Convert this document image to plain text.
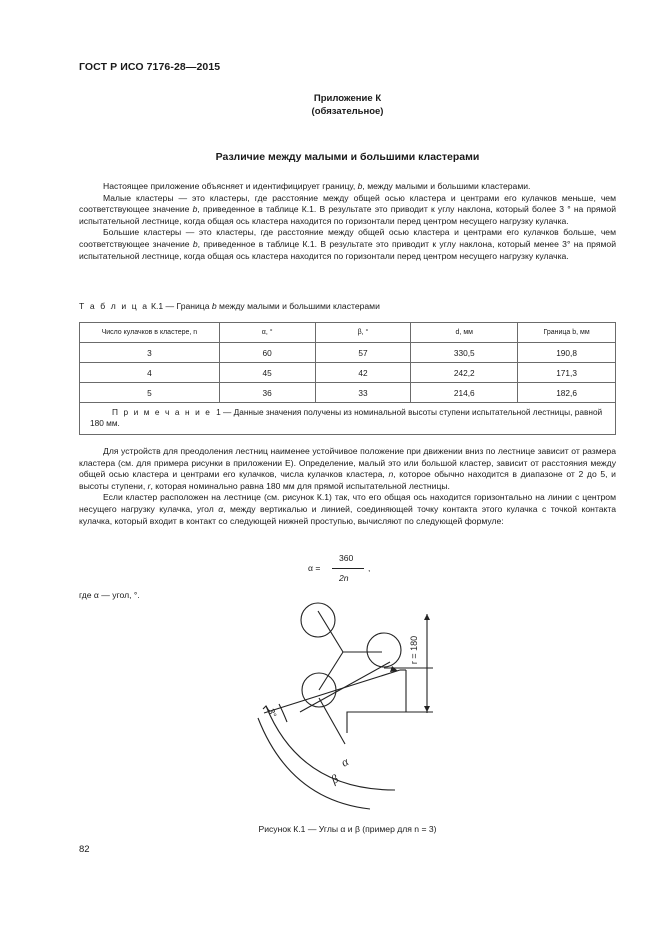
ГОСТ Р ИСО 7176-28—2015
Приложение К
(обязательное)
Различие между малыми и большими кластерами

Настоящее приложение объясняет и идентифицирует границу, b, между малыми и большими кластерами.

Малые кластеры — это кластеры, где расстояние между общей осью кластера и центрами его кулачков меньше, чем соответствующее значение b, приведенное в таблице К.1. В результате это приводит к углу наклона, который более 3 ° на прямой испытательной лестнице, когда общая ось кластера находится по горизонтали перед центром несущего нагрузку кулачка.

Большие кластеры — это кластеры, где расстояние между общей осью кластера и центрами его кулачков больше, чем соответствующее значение b, приведенное в таблице К.1. В результате это приводит к углу наклона, который менее 3° на прямой испытательной лестнице, когда общая ось кластера находится по горизонтали перед центром несущего нагрузку кулачка.

Т а б л и ц а К.1 — Граница b между малыми и большими кластерами
Число кулачков в кластере, n	α, °	β, °	d, мм	Граница b, мм
3	60	57	330,5	190,8
4	45	42	242,2	171,3
5	36	33	214,6	182,6
П р и м е ч а н и е 1 — Данные значения получены из номинальной высоты ступени испытательной лестницы, равной 180 мм.				

Для устройств для преодоления лестниц наименее устойчивое положение при движении вниз по лестнице зависит от размера кластера (см. для примера рисунки в приложении Е). Определение, малый это или большой кластер, зависит от расстояния между общей осью кластера и центрами его кулачков, числа кулачков кластера, n, которое обычно находится в диапазоне от 2 до 5, и высоты ступени, r, которая номинально равна 180 мм для прямой испытательной лестницы.

Если кластер расположен на лестнице (см. рисунок К.1) так, что его общая ось находится горизонтально на линии с центром несущего нагрузку кулачка, угол α, между вертикалью и линией, соединяющей точку контакта этого кулачка с точкой контакта кулачка, который входит в контакт со следующей нижней проступью, вычисляют по следующей формуле:

α =
360
2n
,
где α — угол, °.
r = 180
3°
α
β
Рисунок К.1 — Углы α и β (пример для n = 3)
82
